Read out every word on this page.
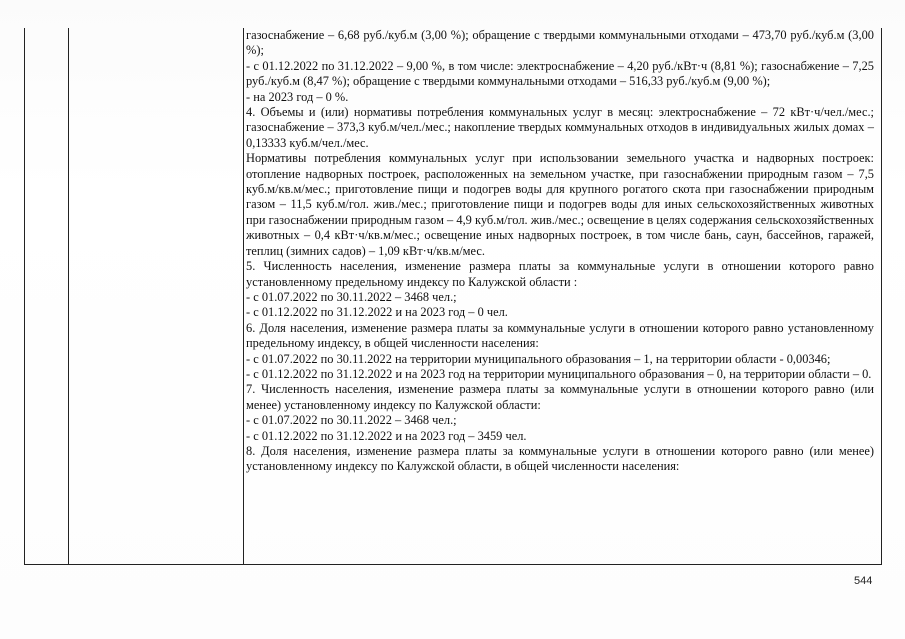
газоснабжение – 6,68 руб./куб.м (3,00 %); обращение с твердыми коммунальными отходами – 473,70 руб./куб.м (3,00 %);

- с 01.12.2022 по 31.12.2022 – 9,00 %, в том числе: электроснабжение – 4,20 руб./кВт·ч (8,81 %); газоснабжение – 7,25 руб./куб.м (8,47 %); обращение с твердыми коммунальными отходами – 516,33 руб./куб.м (9,00 %);

- на 2023 год – 0 %.

4. Объемы и (или) нормативы потребления коммунальных услуг в месяц: электроснабжение – 72 кВт·ч/чел./мес.; газоснабжение – 373,3 куб.м/чел./мес.; накопление твердых коммунальных отходов в индивидуальных жилых домах – 0,13333 куб.м/чел./мес.

Нормативы потребления коммунальных услуг при использовании земельного участка и надворных построек: отопление надворных построек, расположенных на земельном участке, при газоснабжении природным газом – 7,5 куб.м/кв.м/мес.; приготовление пищи и подогрев воды для крупного рогатого скота при газоснабжении природным газом – 11,5 куб.м/гол. жив./мес.; приготовление пищи и подогрев воды для иных сельскохозяйственных животных при газоснабжении природным газом – 4,9 куб.м/гол. жив./мес.; освещение в целях содержания сельскохозяйственных животных – 0,4 кВт·ч/кв.м/мес.; освещение иных надворных построек, в том числе бань, саун, бассейнов, гаражей, теплиц (зимних садов) – 1,09 кВт·ч/кв.м/мес.

5. Численность населения, изменение размера платы за коммунальные услуги в отношении которого равно установленному предельному индексу по Калужской области :

- с 01.07.2022 по 30.11.2022 – 3468 чел.;

- с 01.12.2022 по 31.12.2022 и на 2023 год – 0 чел.

6. Доля населения, изменение размера платы за коммунальные услуги в отношении которого равно установленному предельному индексу, в общей численности населения:

- с 01.07.2022 по 30.11.2022 на территории муниципального образования – 1, на территории области - 0,00346;

- с 01.12.2022 по 31.12.2022 и на 2023 год на территории муниципального образования – 0, на территории области – 0.

7. Численность населения, изменение размера платы за коммунальные услуги в отношении которого равно (или менее) установленному индексу по Калужской области:

- с 01.07.2022 по 30.11.2022 – 3468 чел.;

- с 01.12.2022 по 31.12.2022 и на 2023 год – 3459 чел.

8. Доля населения, изменение размера платы за коммунальные услуги в отношении которого равно (или менее) установленному индексу по Калужской области, в общей численности населения:

544
